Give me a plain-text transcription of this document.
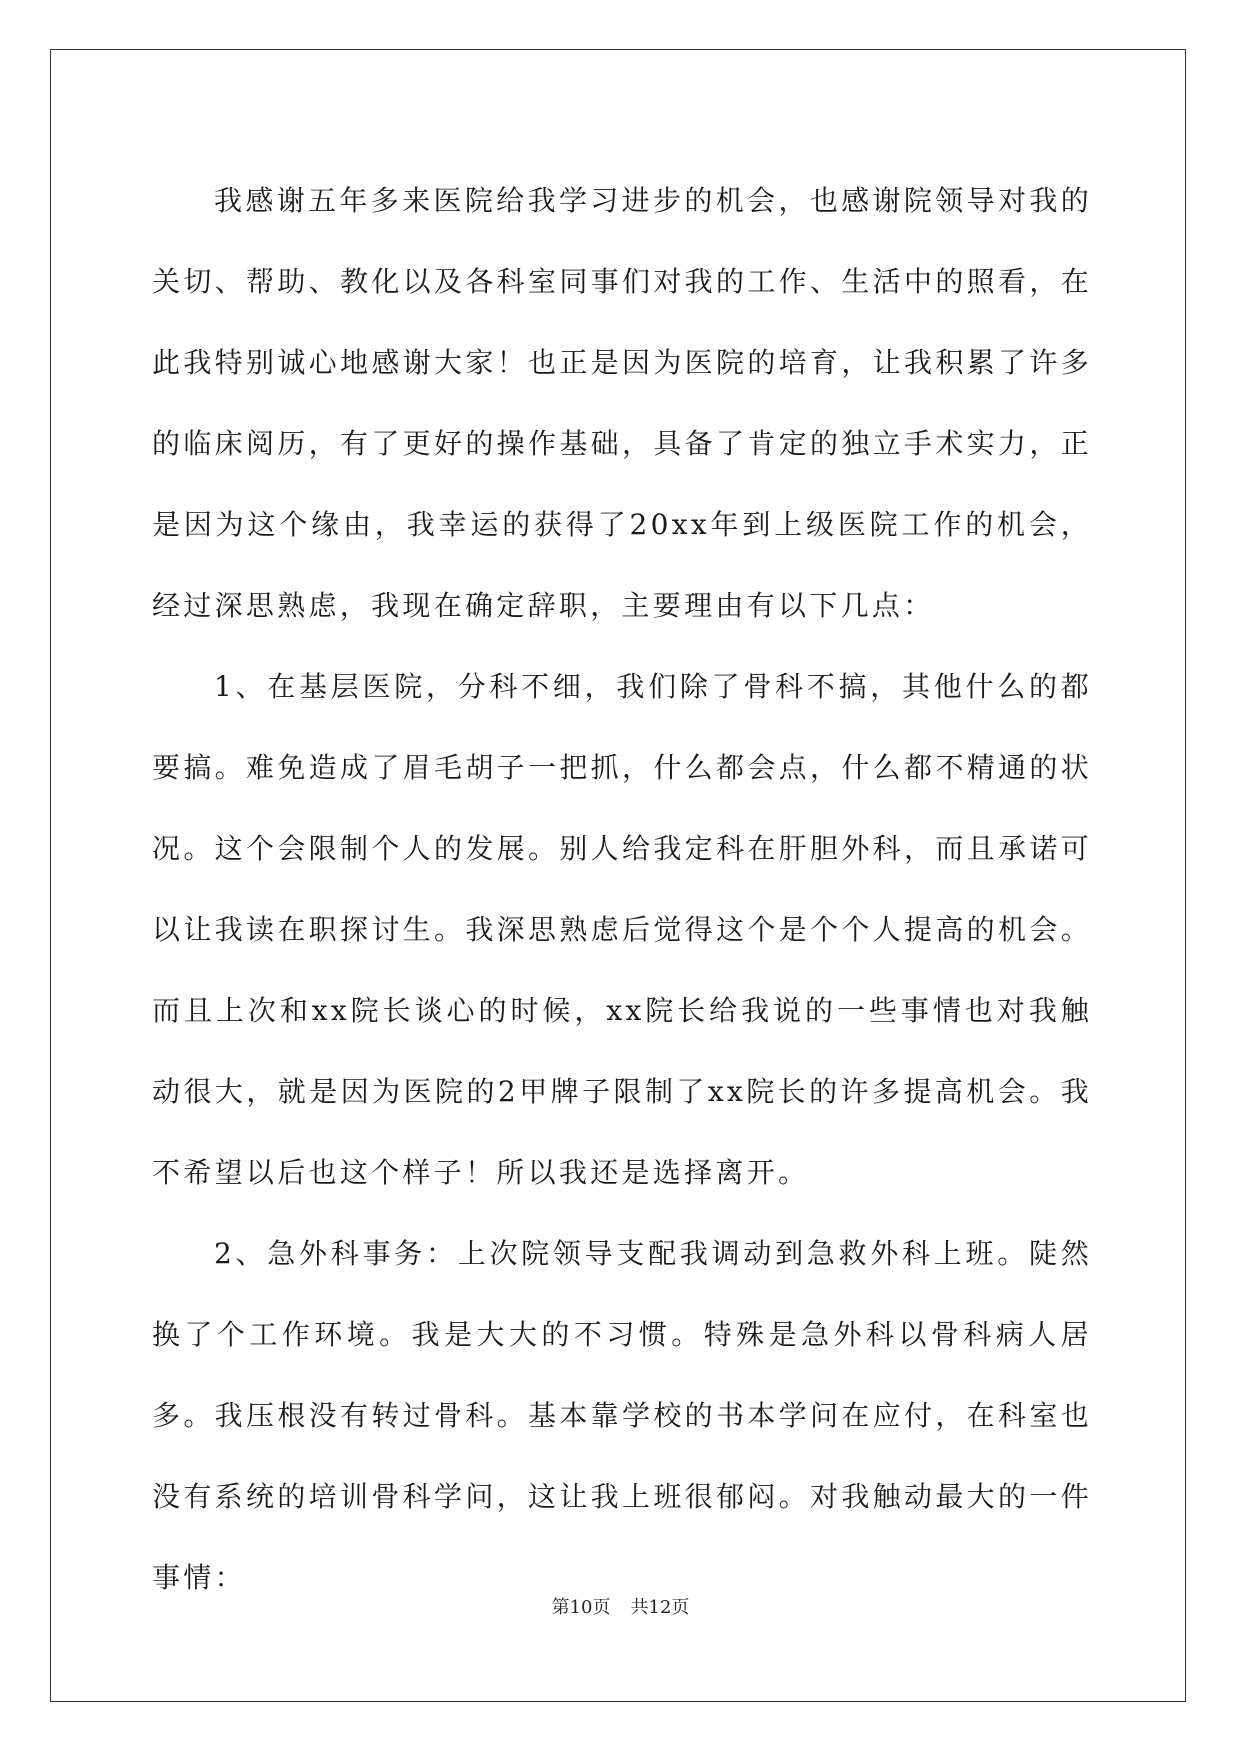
我感谢五年多来医院给我学习进步的机会，也感谢院领导对我的关切、帮助、教化以及各科室同事们对我的工作、生活中的照看，在此我特别诚心地感谢大家！也正是因为医院的培育，让我积累了许多的临床阅历，有了更好的操作基础，具备了肯定的独立手术实力，正是因为这个缘由，我幸运的获得了20xx年到上级医院工作的机会，经过深思熟虑，我现在确定辞职，主要理由有以下几点：

1、在基层医院，分科不细，我们除了骨科不搞，其他什么的都要搞。难免造成了眉毛胡子一把抓，什么都会点，什么都不精通的状况。这个会限制个人的发展。别人给我定科在肝胆外科，而且承诺可以让我读在职探讨生。我深思熟虑后觉得这个是个个人提高的机会。而且上次和xx院长谈心的时候，xx院长给我说的一些事情也对我触动很大，就是因为医院的2甲牌子限制了xx院长的许多提高机会。我不希望以后也这个样子！所以我还是选择离开。

2、急外科事务：上次院领导支配我调动到急救外科上班。陡然换了个工作环境。我是大大的不习惯。特殊是急外科以骨科病人居多。我压根没有转过骨科。基本靠学校的书本学问在应付，在科室也没有系统的培训骨科学问，这让我上班很郁闷。对我触动最大的一件事情：

第10页 共12页
